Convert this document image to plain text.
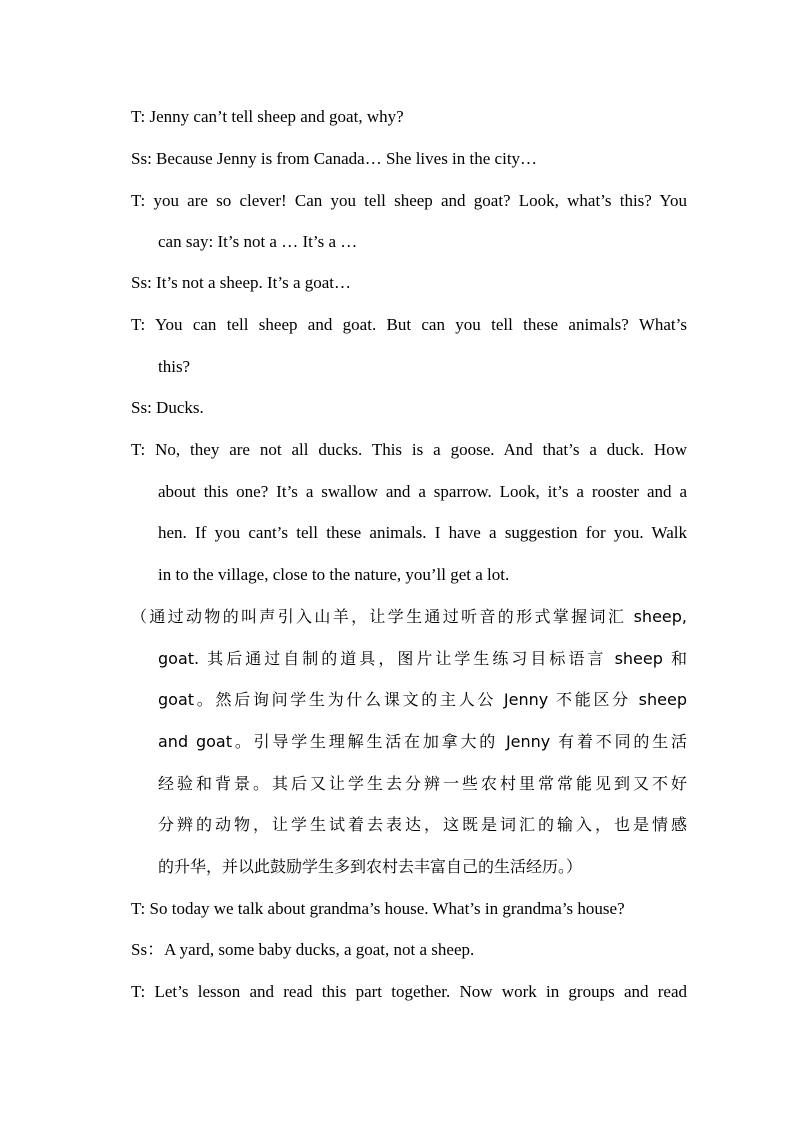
T: Jenny can’t tell sheep and goat, why?
Ss: Because Jenny is from Canada… She lives in the city…
T: you are so clever! Can you tell sheep and goat? Look, what’s this? You
can say: It’s not a … It’s a …
Ss: It’s not a sheep. It’s a goat…
T: You can tell sheep and goat. But can you tell these animals? What’s
this?
Ss: Ducks.
T: No, they are not all ducks. This is a goose. And that’s a duck. How
about this one? It’s a swallow and a sparrow. Look, it’s a rooster and a
hen. If you cant’s tell these animals. I have a suggestion for you. Walk
in to the village, close to the nature, you’ll get a lot.
（通过动物的叫声引入山羊，让学生通过听音的形式掌握词汇 sheep,
goat. 其后通过自制的道具，图片让学生练习目标语言 sheep 和
goat。然后询问学生为什么课文的主人公 Jenny 不能区分 sheep
and goat。引导学生理解生活在加拿大的 Jenny 有着不同的生活
经验和背景。其后又让学生去分辨一些农村里常常能见到又不好
分辨的动物，让学生试着去表达，这既是词汇的输入，也是情感
的升华，并以此鼓励学生多到农村去丰富自己的生活经历。）
T: So today we talk about grandma’s house. What’s in grandma’s house?
Ss：A yard, some baby ducks, a goat, not a sheep.
T: Let’s lesson and read this part together. Now work in groups and read
